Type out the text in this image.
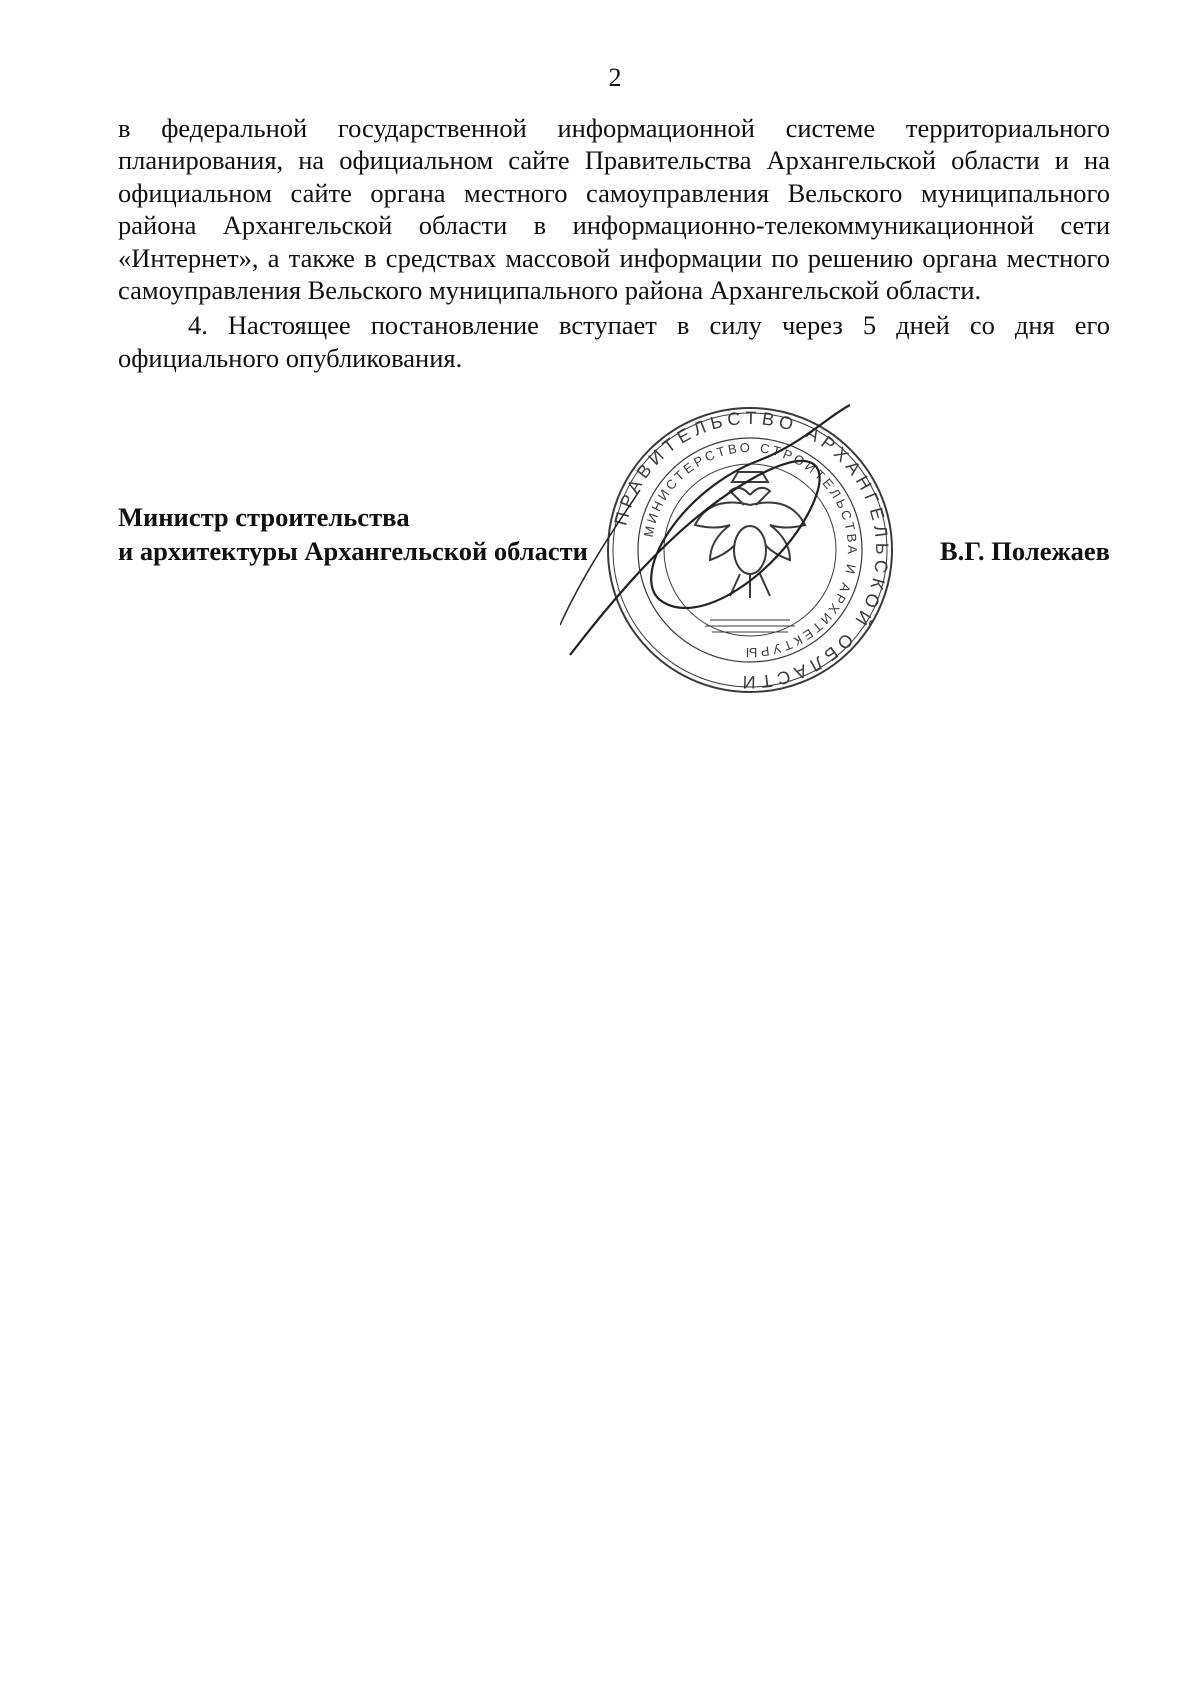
2

в федеральной государственной информационной системе территориального планирования, на официальном сайте Правительства Архангельской области и на официальном сайте органа местного самоуправления Вельского муниципального района Архангельской области в информационно-телекоммуникационной сети «Интернет», а также в средствах массовой информации по решению органа местного самоуправления Вельского муниципального района Архангельской области.

4. Настоящее постановление вступает в силу через 5 дней со дня его официального опубликования.

Министр строительства
и архитектуры Архангельской области	В.Г. Полежаев
ПРАВИТЕЛЬСТВО АРХАНГЕЛЬСКОЙ ОБЛАСТИ
МИНИСТЕРСТВО СТРОИТЕЛЬСТВА И АРХИТЕКТУРЫ
